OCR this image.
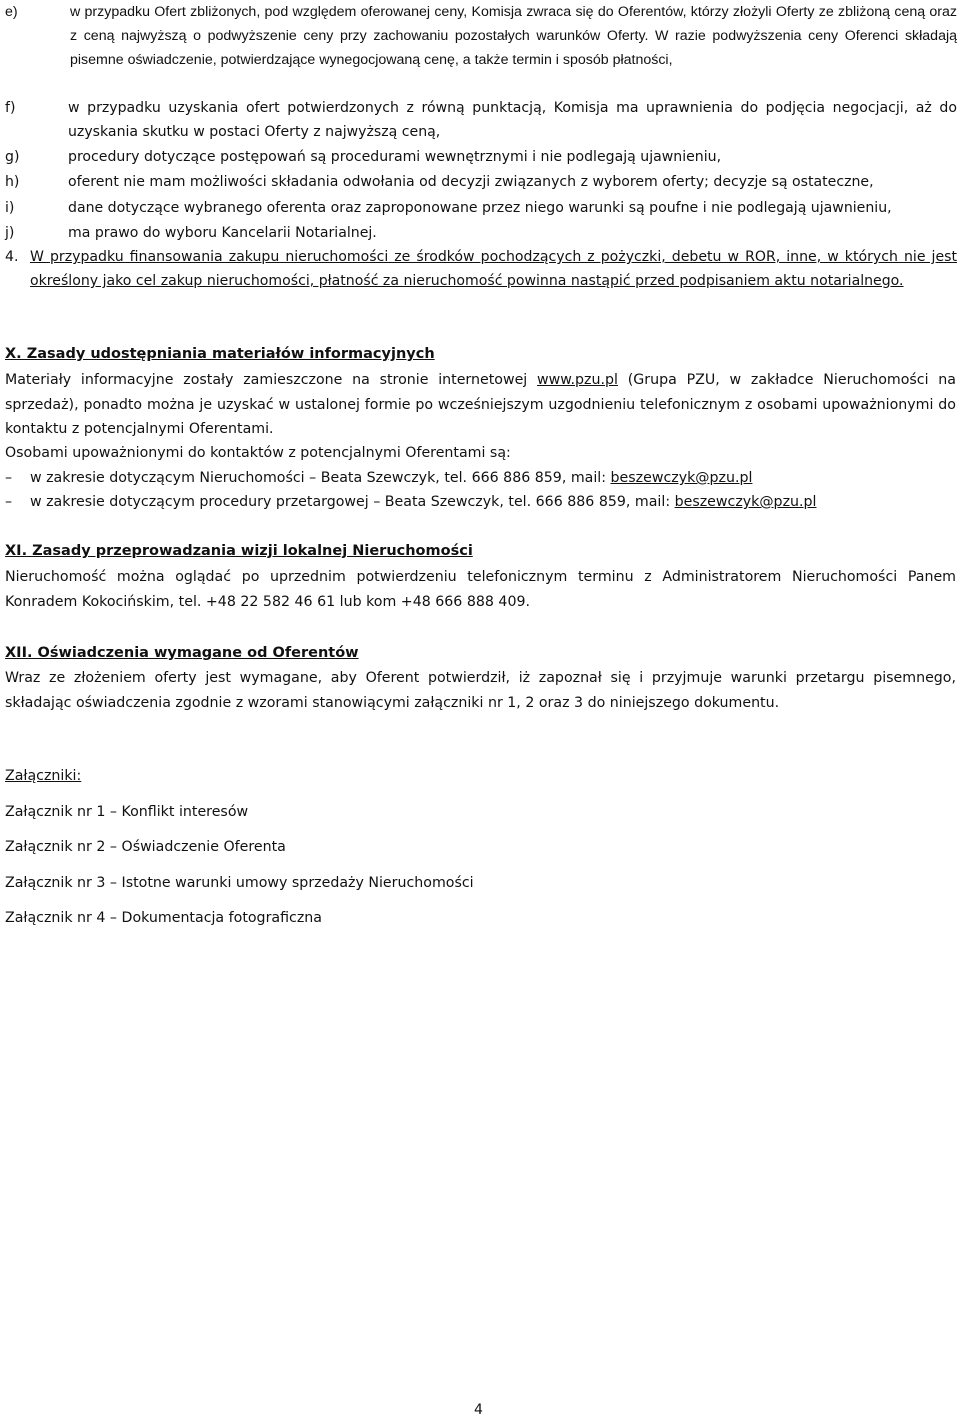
e)	w przypadku Ofert zbliżonych, pod względem oferowanej ceny, Komisja zwraca się do Oferentów, którzy złożyli Oferty ze zbliżoną ceną oraz z ceną najwyższą o podwyższenie ceny przy zachowaniu pozostałych warunków Oferty. W razie podwyższenia ceny Oferenci składają pisemne oświadczenie, potwierdzające wynegocjowaną cenę, a także termin i sposób płatności,
f)	w przypadku uzyskania ofert potwierdzonych z równą punktacją, Komisja ma uprawnienia do podjęcia negocjacji, aż do uzyskania skutku w postaci Oferty z najwyższą ceną,
g)	procedury dotyczące postępowań są procedurami wewnętrznymi i nie podlegają ujawnieniu,
h)	oferent nie mam możliwości składania odwołania od decyzji związanych z wyborem oferty; decyzje są ostateczne,
i)	dane dotyczące wybranego oferenta oraz zaproponowane przez niego warunki są poufne i nie podlegają ujawnieniu,
j)	ma prawo do wyboru Kancelarii Notarialnej.
4. W przypadku finansowania zakupu nieruchomości ze środków pochodzących z pożyczki, debetu w ROR, inne, w których nie jest określony jako cel zakup nieruchomości, płatność za nieruchomość powinna nastąpić przed podpisaniem aktu notarialnego.
X. Zasady udostępniania materiałów informacyjnych
Materiały informacyjne zostały zamieszczone na stronie internetowej www.pzu.pl (Grupa PZU, w zakładce Nieruchomości na sprzedaż), ponadto można je uzyskać w ustalonej formie po wcześniejszym uzgodnieniu telefonicznym z osobami upoważnionymi do kontaktu z potencjalnymi Oferentami.
Osobami upoważnionymi do kontaktów z potencjalnymi Oferentami są:
– w zakresie dotyczącym Nieruchomości – Beata Szewczyk, tel. 666 886 859, mail: beszewczyk@pzu.pl
– w zakresie dotyczącym procedury przetargowej – Beata Szewczyk, tel. 666 886 859, mail: beszewczyk@pzu.pl
XI. Zasady przeprowadzania wizji lokalnej Nieruchomości
Nieruchomość można oglądać po uprzednim potwierdzeniu telefonicznym terminu z Administratorem Nieruchomości Panem Konradem Kokocińskim, tel. +48 22 582 46 61 lub kom +48 666 888 409.
XII. Oświadczenia wymagane od Oferentów
Wraz ze złożeniem oferty jest wymagane, aby Oferent potwierdził, iż zapoznał się i przyjmuje warunki przetargu pisemnego, składając oświadczenia zgodnie z wzorami stanowiącymi załączniki nr 1, 2 oraz 3 do niniejszego dokumentu.
Załączniki:
Załącznik nr 1 – Konflikt interesów
Załącznik nr 2 – Oświadczenie Oferenta
Załącznik nr 3 – Istotne warunki umowy sprzedaży Nieruchomości
Załącznik nr 4 – Dokumentacja fotograficzna
4
